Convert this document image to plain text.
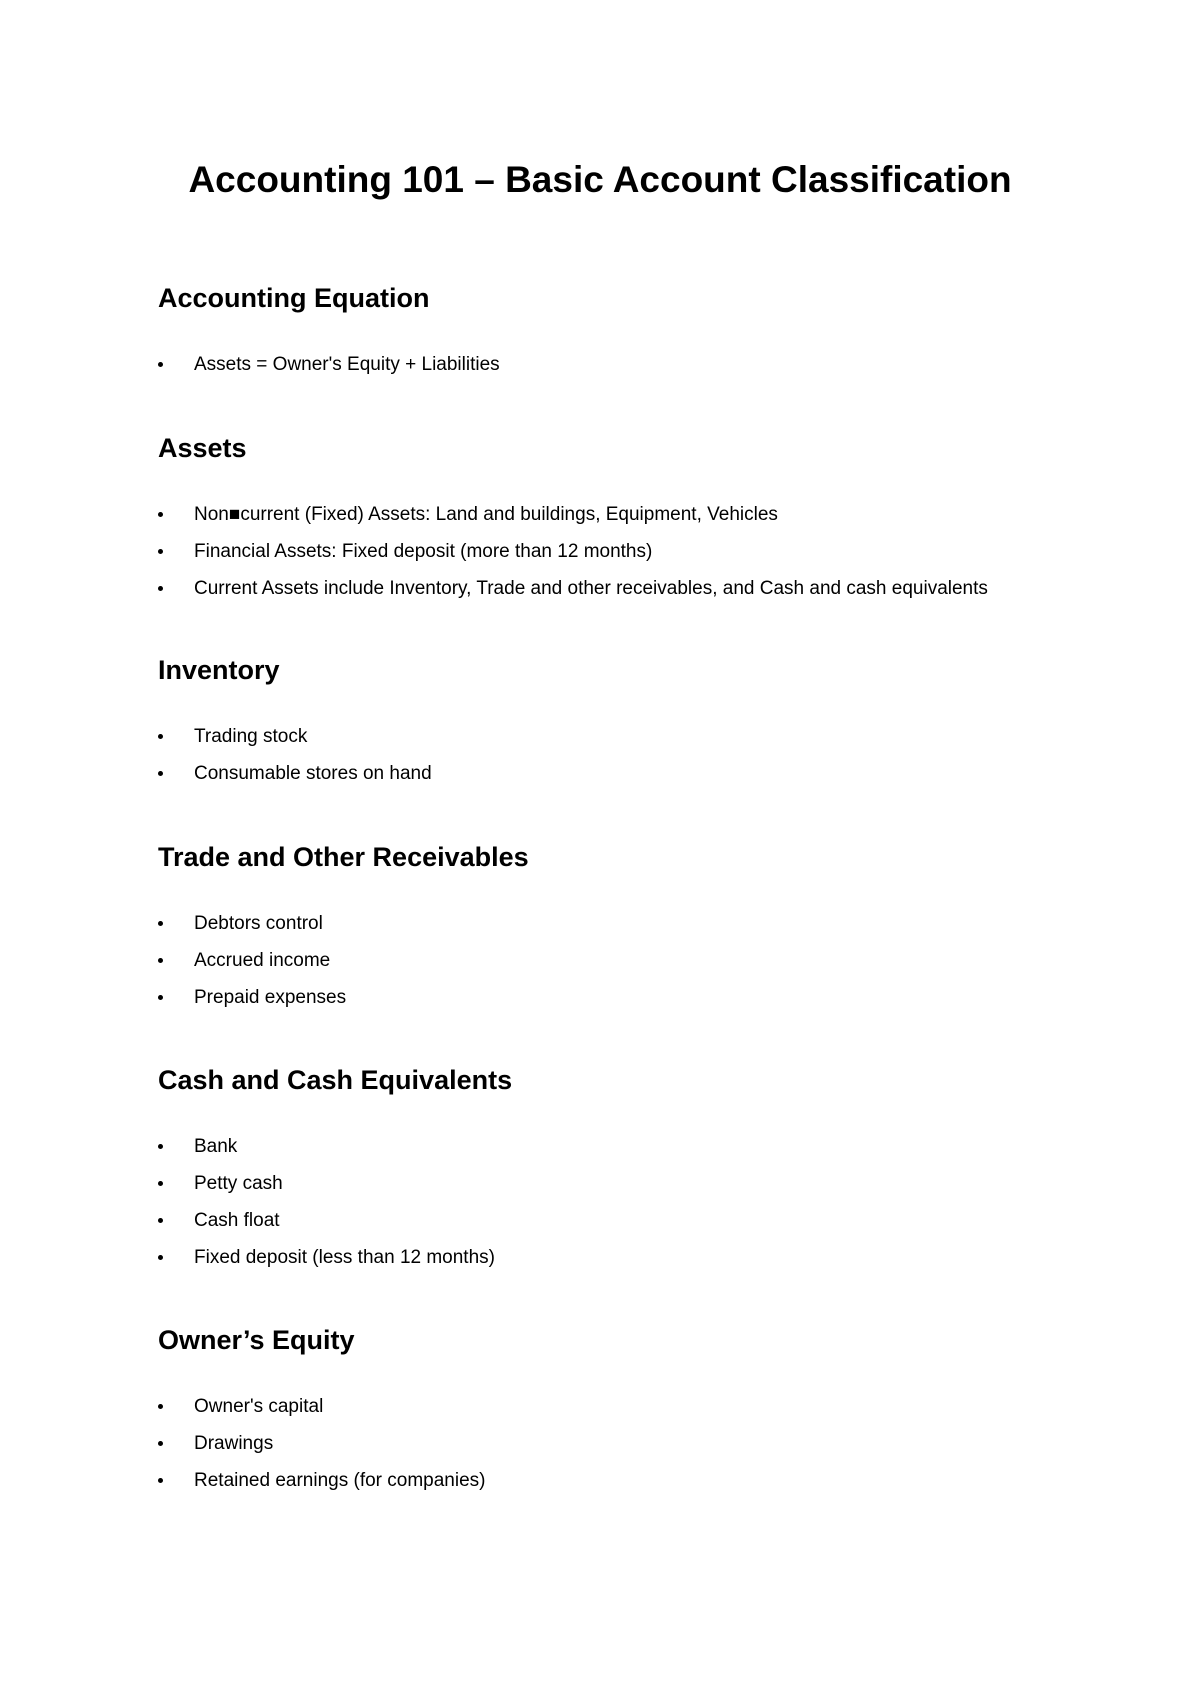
Accounting 101 – Basic Account Classification
Accounting Equation
Assets = Owner's Equity + Liabilities
Assets
Non■current (Fixed) Assets: Land and buildings, Equipment, Vehicles
Financial Assets: Fixed deposit (more than 12 months)
Current Assets include Inventory, Trade and other receivables, and Cash and cash equivalents
Inventory
Trading stock
Consumable stores on hand
Trade and Other Receivables
Debtors control
Accrued income
Prepaid expenses
Cash and Cash Equivalents
Bank
Petty cash
Cash float
Fixed deposit (less than 12 months)
Owner’s Equity
Owner's capital
Drawings
Retained earnings (for companies)
